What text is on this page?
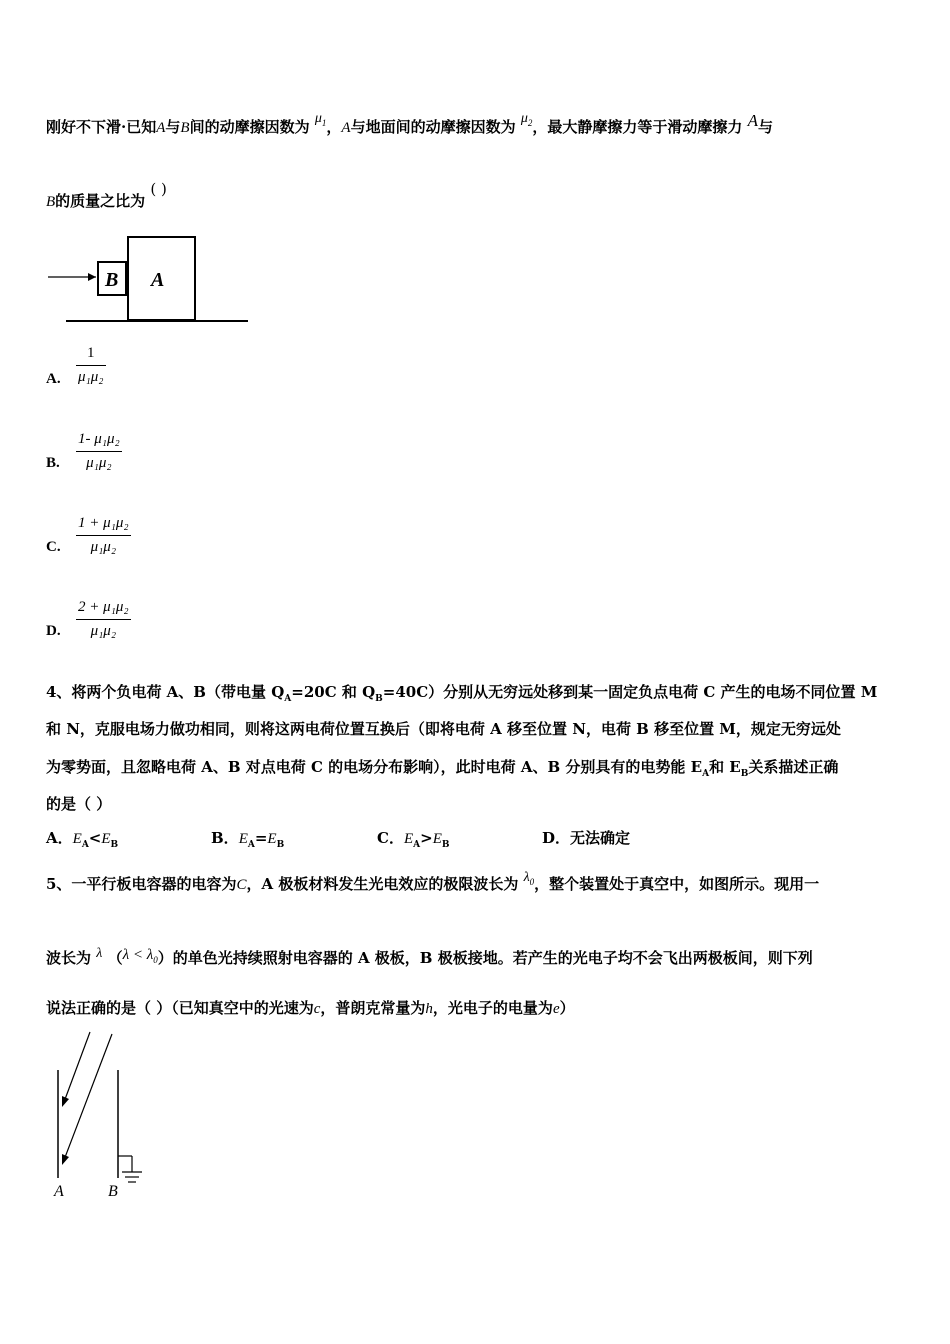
刚好不下滑·已知A与B间的动摩擦因数为 $\mu_1$，A与地面间的动摩擦因数为 $\mu_2$，最大静摩擦力等于滑动摩擦力 A与
B的质量之比为 ( )
B A
A.
1
μ₁μ₂
B.
1- μ₁μ₂
μ₁μ₂
C.
1 + μ₁μ₂
μ₁μ₂
D.
2 + μ₁μ₂
μ₁μ₂
4、将两个负电荷 A、B（带电量 $Q_A=20C$ 和 $Q_B=40C$）分别从无穷远处移到某一固定负点电荷 C 产生的电场不同位置 M
和 N，克服电场力做功相同，则将这两电荷位置互换后（即将电荷 A 移至位置 N，电荷 B 移至位置 M，规定无穷远处
为零势面，且忽略电荷 A、B 对点电荷 C 的电场分布影响），此时电荷 A、B 分别具有的电势能 $E_A$和 $E_B$关系描述正确
的是（ ）
A．$E_A<E_B$	B．$E_A=E_B$	C．$E_A>E_B$	D．无法确定
5、一平行板电容器的电容为C，A 极板材料发生光电效应的极限波长为 $\lambda_0$，整个装置处于真空中，如图所示。现用一
波长为 λ $(\lambda < \lambda_0)$的单色光持续照射电容器的 A 极板，B 极板接地。若产生的光电子均不会飞出两极板间，则下列
说法正确的是（ ）（已知真空中的光速为c，普朗克常量为h，光电子的电量为e）
A	B
